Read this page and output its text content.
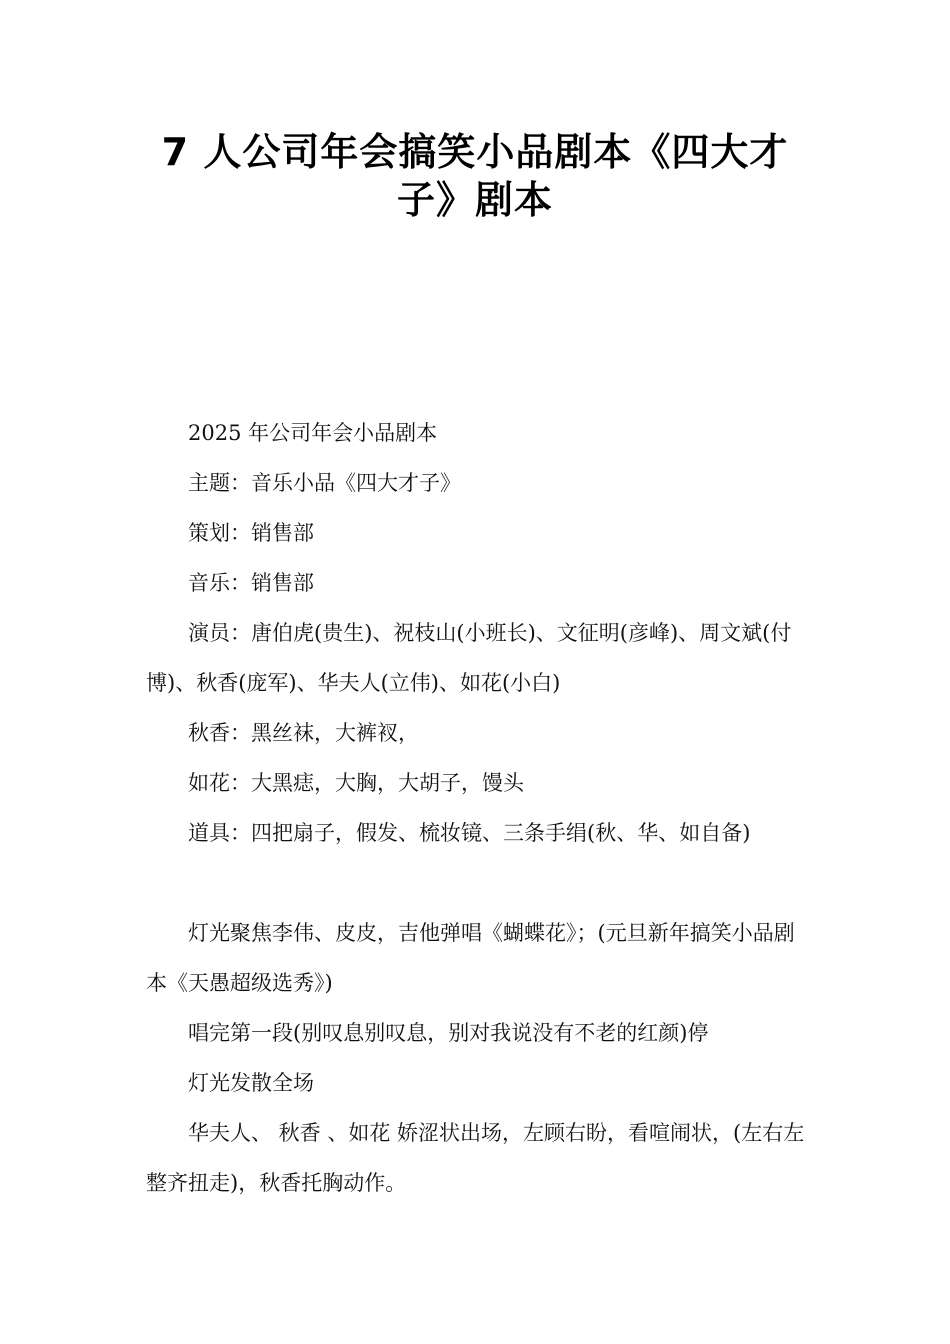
7 人公司年会搞笑小品剧本《四大才
子》剧本

2025 年公司年会小品剧本

主题：音乐小品《四大才子》

策划：销售部

音乐：销售部

演员：唐伯虎(贵生)、祝枝山(小班长)、文征明(彦峰)、周文斌(付博)、秋香(庞军)、华夫人(立伟)、如花(小白)

秋香：黑丝袜，大裤衩，

如花：大黑痣，大胸，大胡子，馒头

道具：四把扇子，假发、梳妆镜、三条手绢(秋、华、如自备)

灯光聚焦李伟、皮皮，吉他弹唱《蝴蝶花》；(元旦新年搞笑小品剧本《天愚超级选秀》)

唱完第一段(别叹息别叹息，别对我说没有不老的红颜)停

灯光发散全场

华夫人、 秋香 、如花 娇涩状出场，左顾右盼，看喧闹状，(左右左整齐扭走)，秋香托胸动作。
